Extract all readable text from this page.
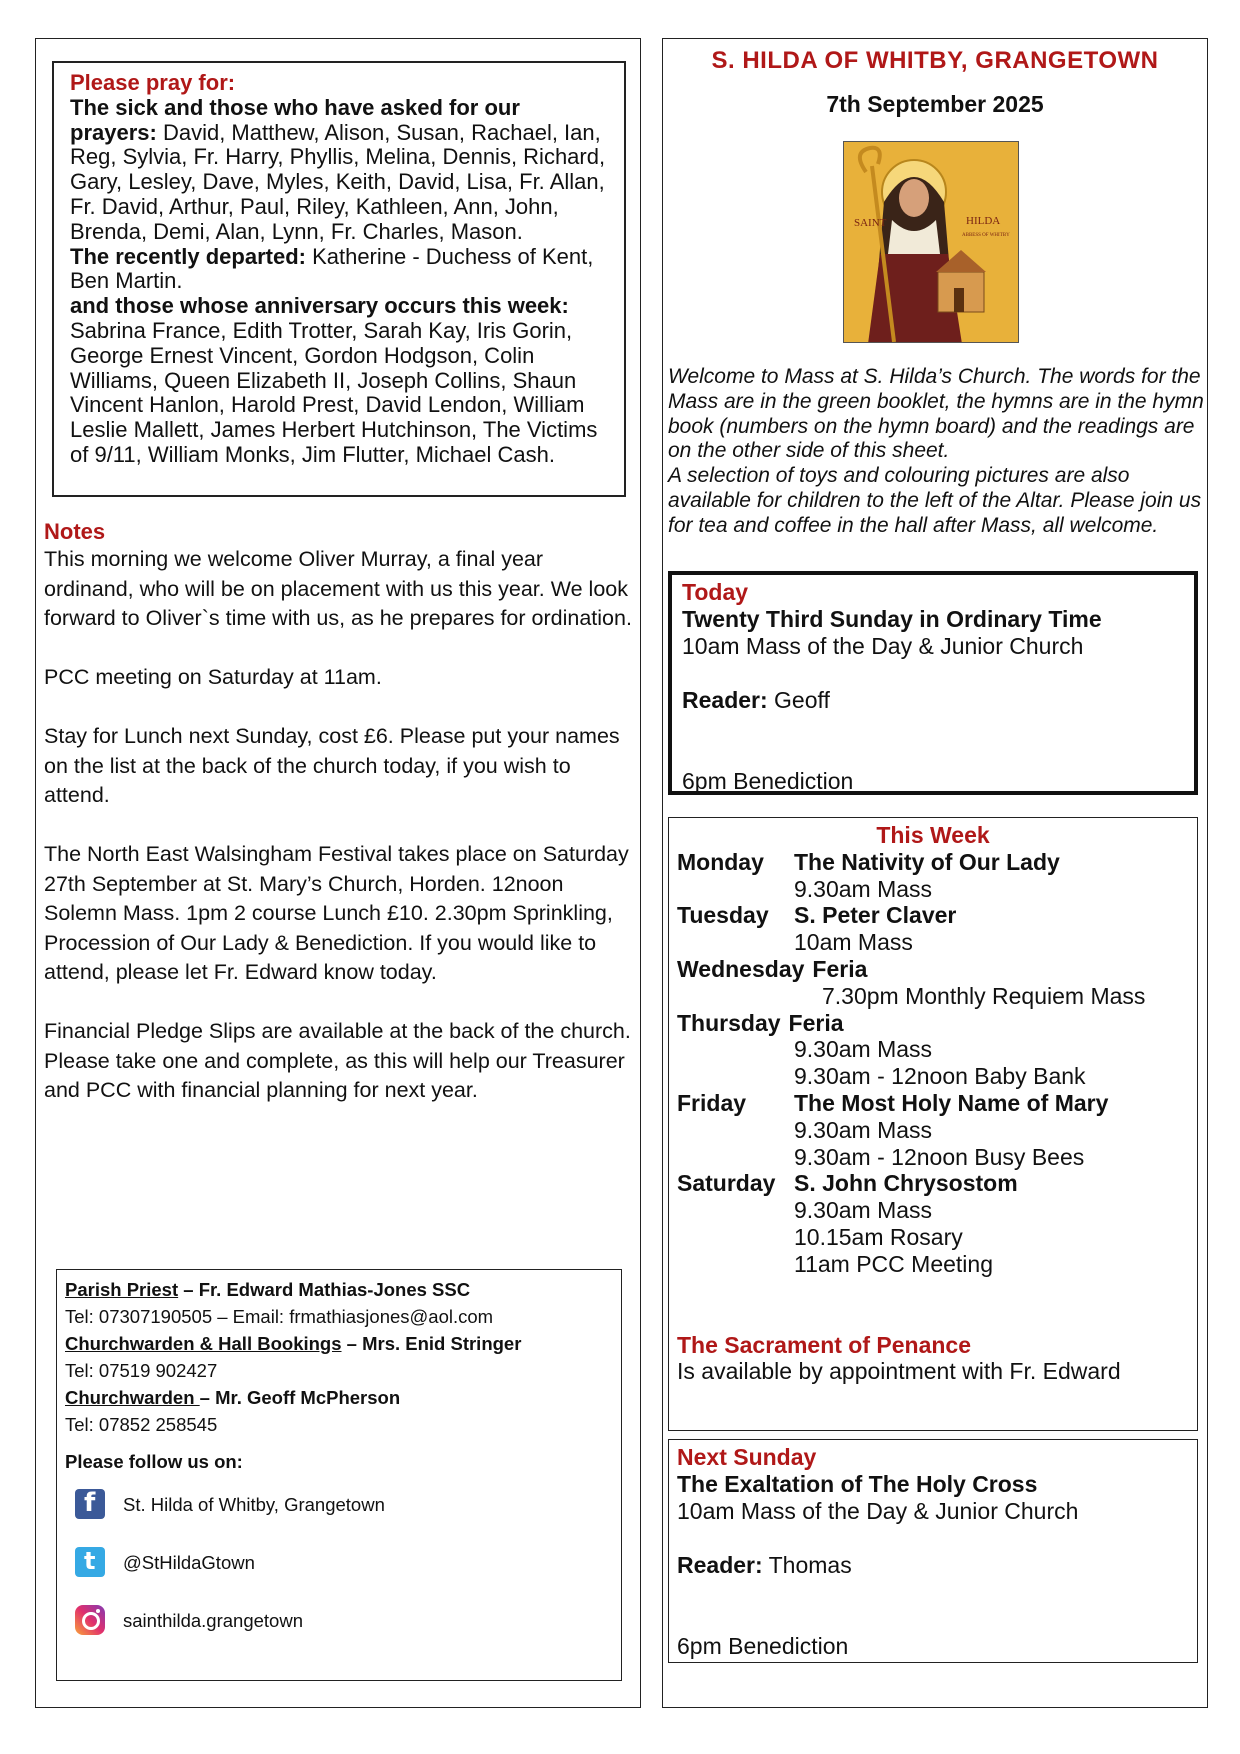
Please pray for:

The sick and those who have asked for our prayers: David, Matthew, Alison, Susan, Rachael, Ian, Reg, Sylvia, Fr. Harry, Phyllis, Melina, Dennis, Richard, Gary, Lesley, Dave, Myles, Keith, David, Lisa, Fr. Allan, Fr. David, Arthur, Paul, Riley, Kathleen, Ann, John, Brenda, Demi, Alan, Lynn, Fr. Charles, Mason.

The recently departed: Katherine - Duchess of Kent, Ben Martin.

and those whose anniversary occurs this week:

Sabrina France, Edith Trotter, Sarah Kay, Iris Gorin, George Ernest Vincent, Gordon Hodgson, Colin Williams, Queen Elizabeth II, Joseph Collins, Shaun Vincent Hanlon, Harold Prest, David Lendon, William Leslie Mallett, James Herbert Hutchinson, The Victims of 9/11, William Monks, Jim Flutter, Michael Cash.

Notes

This morning we welcome Oliver Murray, a final year ordinand, who will be on placement with us this year. We look forward to Oliver`s time with us, as he prepares for ordination.

PCC meeting on Saturday at 11am.

Stay for Lunch next Sunday, cost £6. Please put your names on the list at the back of the church today, if you wish to attend.

The North East Walsingham Festival takes place on Saturday 27th September at St. Mary’s Church, Horden. 12noon Solemn Mass. 1pm 2 course Lunch £10. 2.30pm Sprinkling, Procession of Our Lady & Benediction. If you would like to attend, please let Fr. Edward know today.

Financial Pledge Slips are available at the back of the church. Please take one and complete, as this will help our Treasurer and PCC with financial planning for next year.

Parish Priest – Fr. Edward Mathias-Jones SSC
Tel: 07307190505 – Email: frmathiasjones@aol.com
Churchwarden & Hall Bookings – Mrs. Enid Stringer
Tel: 07519 902427
Churchwarden – Mr. Geoff McPherson
Tel: 07852 258545
Please follow us on:
f
St. Hilda of Whitby, Grangetown
t
@StHildaGtown
sainthilda.grangetown
S. HILDA OF WHITBY, GRANGETOWN
7th September 2025
SAINT	HILDA
ABBESS OF WHITBY

Welcome to Mass at S. Hilda’s Church. The words for the Mass are in the green booklet, the hymns are in the hymn book (numbers on the hymn board) and the readings are on the other side of this sheet.

A selection of toys and colouring pictures are also available for children to the left of the Altar. Please join us for tea and coffee in the hall after Mass, all welcome.

Today
Twenty Third Sunday in Ordinary Time
10am Mass of the Day & Junior Church
Reader: Geoff
6pm Benediction
This Week
Monday	The Nativity of Our Lady
9.30am Mass
Tuesday	S. Peter Claver
10am Mass
Wednesday Feria
7.30pm Monthly Requiem Mass
Thursday Feria
9.30am Mass
9.30am - 12noon Baby Bank
Friday	The Most Holy Name of Mary
9.30am Mass
9.30am - 12noon Busy Bees
Saturday S. John Chrysostom
9.30am Mass
10.15am Rosary
11am PCC Meeting
The Sacrament of Penance
Is available by appointment with Fr. Edward
Next Sunday
The Exaltation of The Holy Cross
10am Mass of the Day & Junior Church
Reader: Thomas
6pm Benediction
